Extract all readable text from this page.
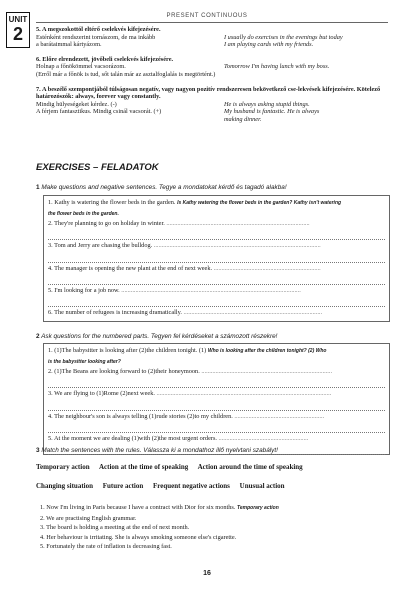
UNIT
2
PRESENT CONTINUOUS
5. A megszokottól eltérő cselekvés kifejezésére.
Esténként rendszerint tornászom, de ma inkább	I usually do exercises in the evenings but today
a barátaimmal kártyázom.	I am playing cards with my friends.
6. Előre elrendezett, jövőbeli cselekvés kifejezésére.
Holnap a főnökömmel vacsorázom.	Tomorrow I'm having lunch with my boss.
(Erről már a főnök is tud, sőt talán már az asztalfoglalás is megtörtént.)
7. A beszélő szempontjából túlságosan negatív, vagy nagyon pozitív rendszeresen bekövetkező cse-lekvések kifejezésére. Kötelező határozószók: always, forever vagy constantly.
Mindig hülyeségeket kérdez. (-)	He is always asking stupid things.
A férjem fantasztikus. Mindig csinál vacsorát. (+)	My husband is fantastic. He is always
making dinner.
EXERCISES – FELADATOK
1 Make questions and negative sentences. Tegye a mondatokat kérdő és tagadó alakba!
1. Kathy is watering the flower beds in the garden. Is Kathy watering the flower beds in the garden? Kathy isn't watering
the flower beds in the garden.
2. They're planning to go on holiday in winter. ...........................................................................................
3. Tom and Jerry are chasing the bulldog. ..........................................................................................................
4. The manager is opening the new plant at the end of next week. ....................................................................
5. I'm looking for a job now. ..................................................................................................................
6. The number of refugees is increasing dramatically. ........................................................................................
2 Ask questions for the numbered parts. Tegyen fel kérdéseket a számozott részekre!
1. (1)The babysitter is looking after (2)the children tonight. (1) Who is looking after the children tonight? (2) Who
is the babysitter looking after?
2. (1)The Beans are looking forward to (2)their honeymoon. ...................................................................................
3. We are flying to (1)Rome (2)next week. ...............................................................................................................
4. The neighbour's son is always telling (1)rude stories (2)to my children. .........................................................
5. At the moment we are dealing (1)with (2)the most urgent orders. .........................................................
3 Match the sentences with the rules. Válassza ki a mondathoz illő nyelvtani szabályt!
Temporary action Action at the time of speaking Action around the time of speaking
Changing situation Future action Frequent negative actions Unusual action
1. Now I'm living in Paris because I have a contract with Dior for six months. Temporary action
2. We are practising English grammar.
3. The board is holding a meeting at the end of next month.
4. Her behaviour is irritating. She is always smoking someone else's cigarette.
5. Fortunately the rate of inflation is decreasing fast.
16
